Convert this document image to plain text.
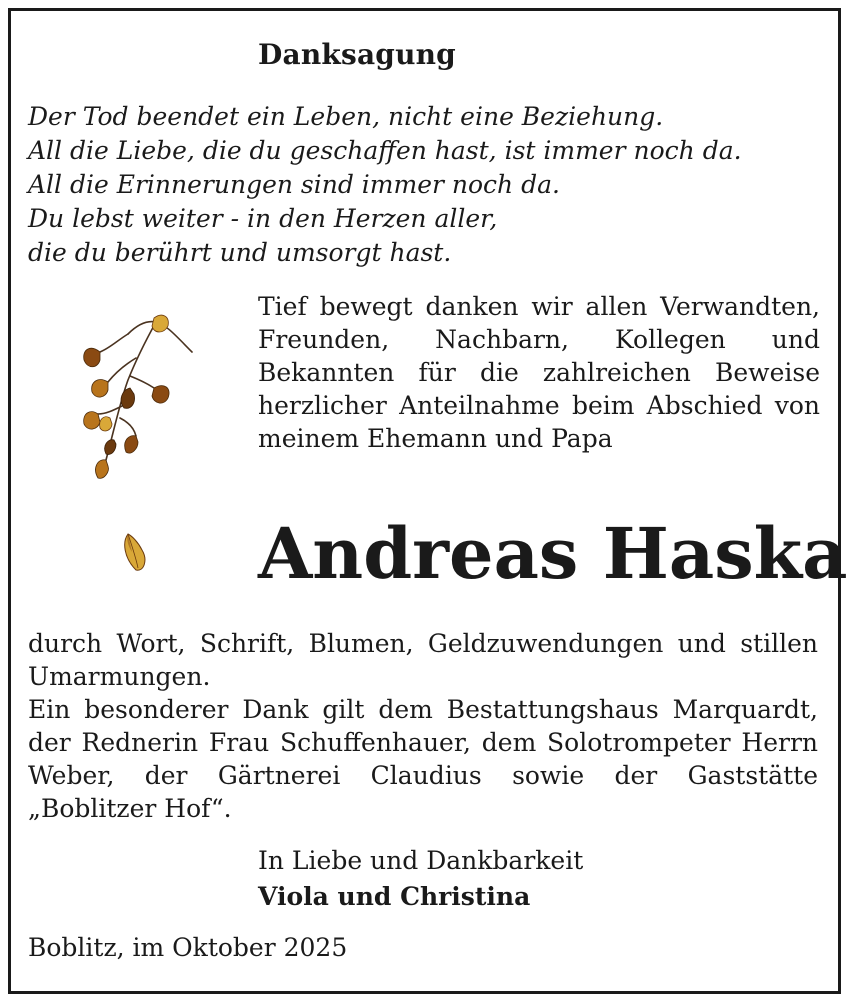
Danksagung
Der Tod beendet ein Leben, nicht eine Beziehung.
All die Liebe, die du geschaffen hast, ist immer noch da.
All die Erinnerungen sind immer noch da.
Du lebst weiter - in den Herzen aller,
die du berührt und umsorgt hast.
Tief bewegt danken wir allen Verwandten, Freunden, Nachbarn, Kollegen und Bekannten für die zahlreichen Beweise herzlicher Anteilnahme beim Abschied von meinem Ehemann und Papa
Andreas Haska

durch Wort, Schrift, Blumen, Geldzuwendungen und stillen Umarmungen.

Ein besonderer Dank gilt dem Bestattungshaus Marquardt, der Rednerin Frau Schuffenhauer, dem Solotrompeter Herrn Weber, der Gärtnerei Claudius sowie der Gaststätte „Boblitzer Hof“.

In Liebe und Dankbarkeit
Viola und Christina
Boblitz, im Oktober 2025
